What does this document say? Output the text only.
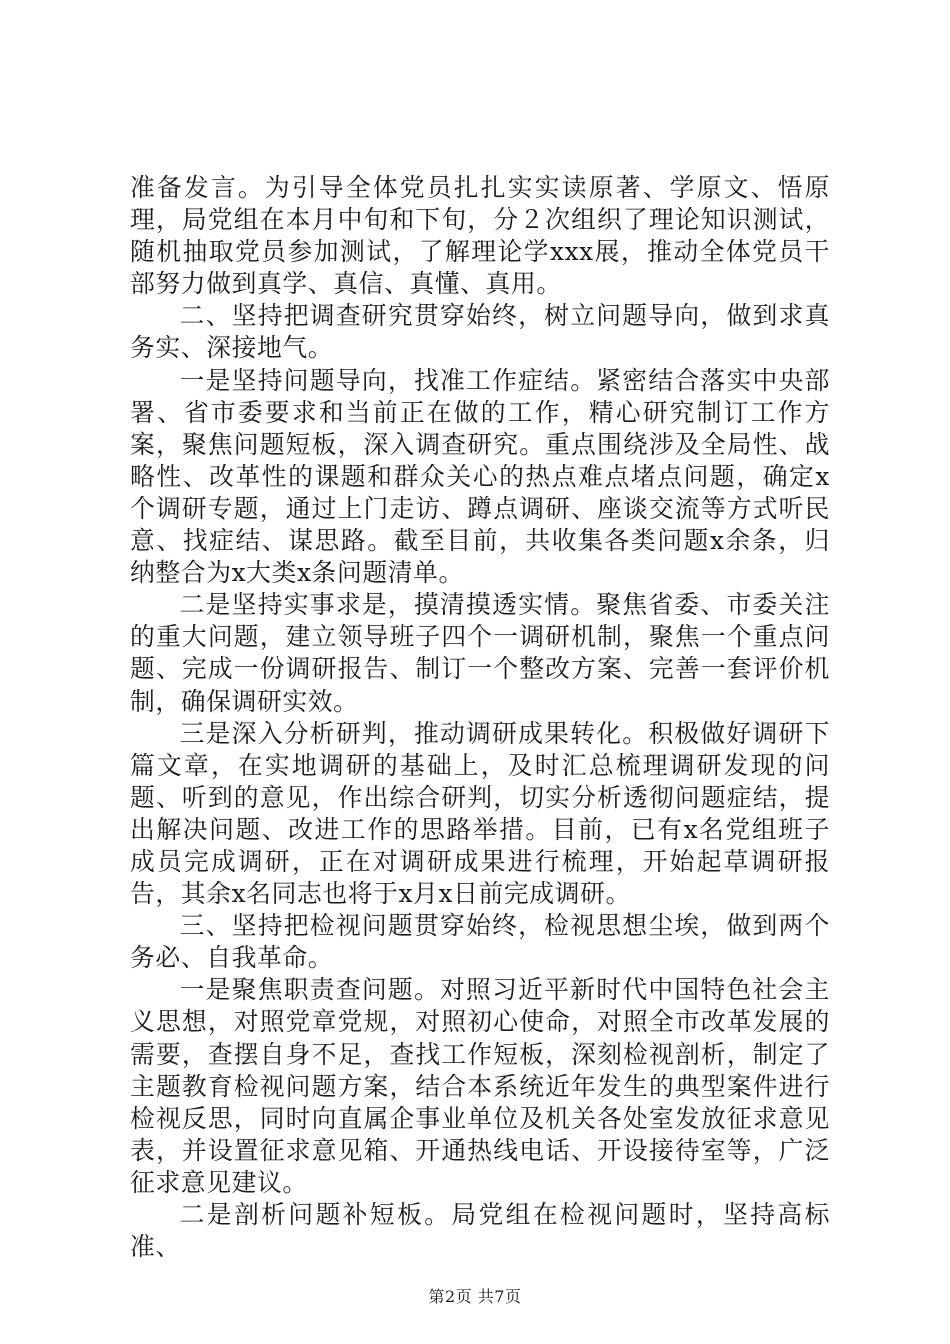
准备发言。为引导全体党员扎扎实实读原著、学原文、悟原理，局党组在本月中旬和下旬，分２次组织了理论知识测试，随机抽取党员参加测试，了解理论学xxx展，推动全体党员干部努力做到真学、真信、真懂、真用。

二、坚持把调查研究贯穿始终，树立问题导向，做到求真务实、深接地气。

一是坚持问题导向，找准工作症结。紧密结合落实中央部署、省市委要求和当前正在做的工作，精心研究制订工作方案，聚焦问题短板，深入调查研究。重点围绕涉及全局性、战略性、改革性的课题和群众关心的热点难点堵点问题，确定x个调研专题，通过上门走访、蹲点调研、座谈交流等方式听民意、找症结、谋思路。截至目前，共收集各类问题x余条，归纳整合为x大类x条问题清单。

二是坚持实事求是，摸清摸透实情。聚焦省委、市委关注的重大问题，建立领导班子四个一调研机制，聚焦一个重点问题、完成一份调研报告、制订一个整改方案、完善一套评价机制，确保调研实效。

三是深入分析研判，推动调研成果转化。积极做好调研下篇文章，在实地调研的基础上，及时汇总梳理调研发现的问题、听到的意见，作出综合研判，切实分析透彻问题症结，提出解决问题、改进工作的思路举措。目前，已有x名党组班子成员完成调研，正在对调研成果进行梳理，开始起草调研报告，其余x名同志也将于x月x日前完成调研。

三、坚持把检视问题贯穿始终，检视思想尘埃，做到两个务必、自我革命。

一是聚焦职责查问题。对照习近平新时代中国特色社会主义思想，对照党章党规，对照初心使命，对照全市改革发展的需要，查摆自身不足，查找工作短板，深刻检视剖析，制定了主题教育检视问题方案，结合本系统近年发生的典型案件进行检视反思，同时向直属企事业单位及机关各处室发放征求意见表，并设置征求意见箱、开通热线电话、开设接待室等，广泛征求意见建议。

二是剖析问题补短板。局党组在检视问题时，坚持高标准、

第2页 共7页
